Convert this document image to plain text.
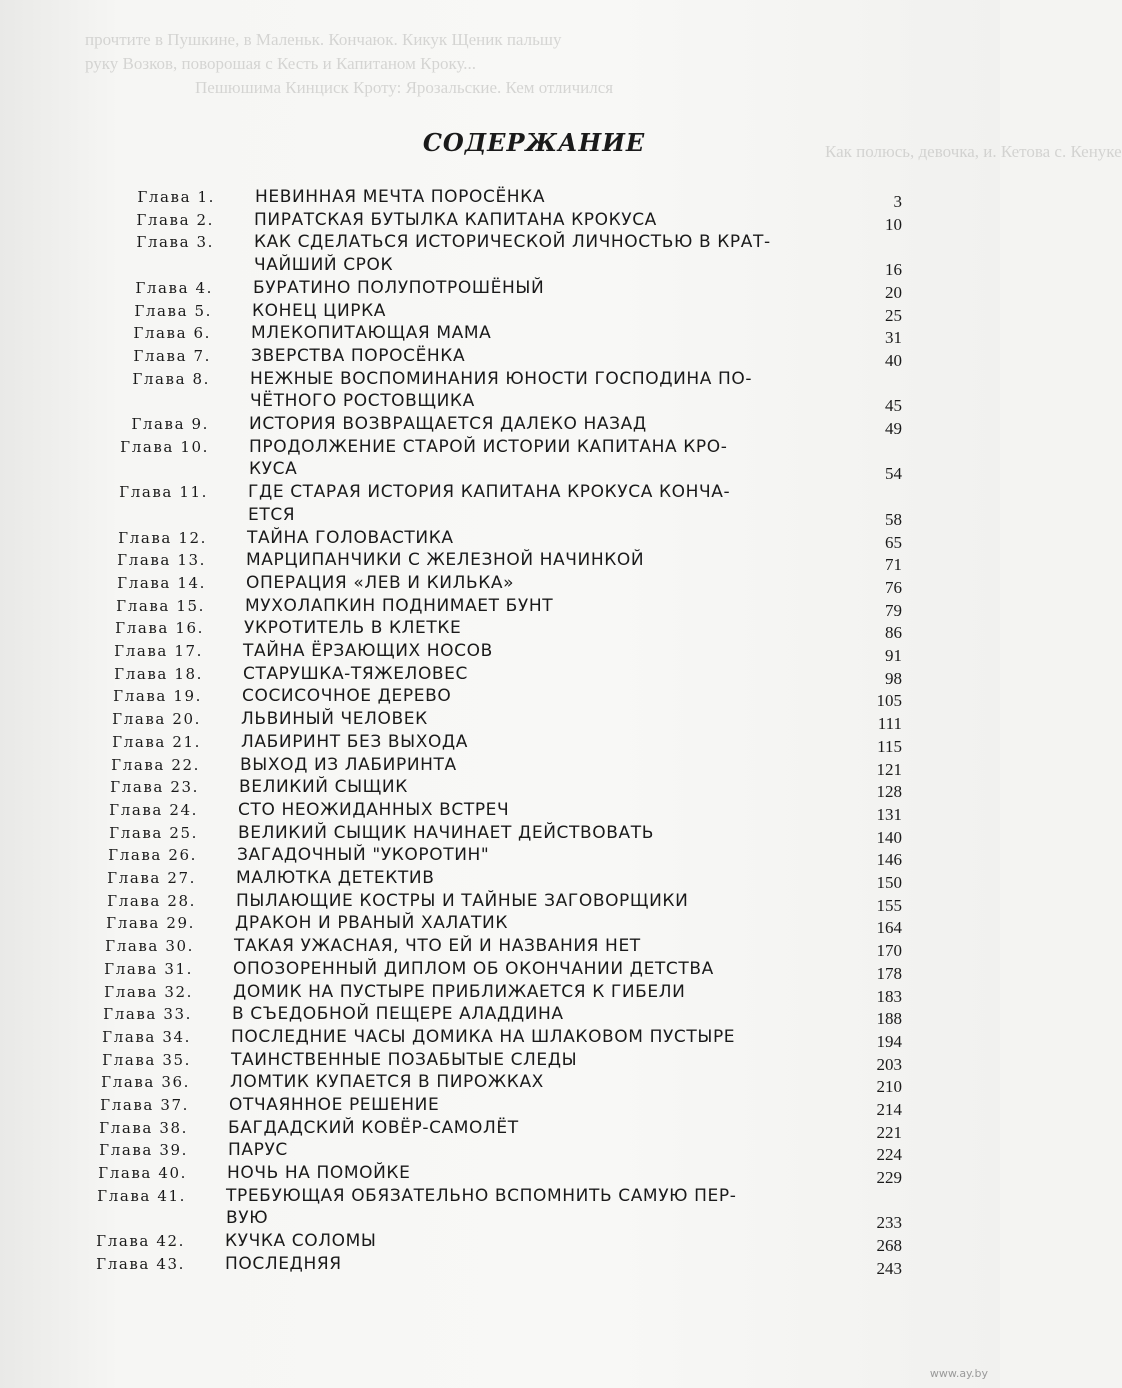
прочтите в Пушкине, в Маленьк. Кончаюк. Кикук Щеник пальшу
руку Возков, поворошая с Кесть и Капитаном Кроку...
Пешюшима Кинциск Кроту: Ярозальские. Кем отличился
Как полюсь, девочка, и. Кетова с. Кенуке
СОДЕРЖАНИЕ
Глава 1. НЕВИННАЯ МЕЧТА ПОРОСЁНКА	3
Глава 2. ПИРАТСКАЯ БУТЫЛКА КАПИТАНА КРОКУСА	10
Глава 3. КАК СДЕЛАТЬСЯ ИСТОРИЧЕСКОЙ ЛИЧНОСТЬЮ В КРАТ-
ЧАЙШИЙ СРОК	16
Глава 4. БУРАТИНО ПОЛУПОТРОШЁНЫЙ	20
Глава 5. КОНЕЦ ЦИРКА	25
Глава 6. МЛЕКОПИТАЮЩАЯ МАМА	31
Глава 7. ЗВЕРСТВА ПОРОСЁНКА	40
Глава 8. НЕЖНЫЕ ВОСПОМИНАНИЯ ЮНОСТИ ГОСПОДИНА ПО-
ЧЁТНОГО РОСТОВЩИКА	45
Глава 9. ИСТОРИЯ ВОЗВРАЩАЕТСЯ ДАЛЕКО НАЗАД	49
Глава 10. ПРОДОЛЖЕНИЕ СТАРОЙ ИСТОРИИ КАПИТАНА КРО-
КУСА	54
Глава 11. ГДЕ СТАРАЯ ИСТОРИЯ КАПИТАНА КРОКУСА КОНЧА-
ЕТСЯ	58
Глава 12. ТАЙНА ГОЛОВАСТИКА	65
Глава 13. МАРЦИПАНЧИКИ С ЖЕЛЕЗНОЙ НАЧИНКОЙ	71
Глава 14. ОПЕРАЦИЯ «ЛЕВ И КИЛЬКА»	76
Глава 15. МУХОЛАПКИН ПОДНИМАЕТ БУНТ	79
Глава 16. УКРОТИТЕЛЬ В КЛЕТКЕ	86
Глава 17. ТАЙНА ЁРЗАЮЩИХ НОСОВ	91
Глава 18. СТАРУШКА-ТЯЖЕЛОВЕС	98
Глава 19. СОСИСОЧНОЕ ДЕРЕВО	105
Глава 20. ЛЬВИНЫЙ ЧЕЛОВЕК	111
Глава 21. ЛАБИРИНТ БЕЗ ВЫХОДА	115
Глава 22. ВЫХОД ИЗ ЛАБИРИНТА	121
Глава 23. ВЕЛИКИЙ СЫЩИК	128
Глава 24. СТО НЕОЖИДАННЫХ ВСТРЕЧ	131
Глава 25. ВЕЛИКИЙ СЫЩИК НАЧИНАЕТ ДЕЙСТВОВАТЬ	140
Глава 26. ЗАГАДОЧНЫЙ "УКОРОТИН"	146
Глава 27. МАЛЮТКА ДЕТЕКТИВ	150
Глава 28. ПЫЛАЮЩИЕ КОСТРЫ И ТАЙНЫЕ ЗАГОВОРЩИКИ	155
Глава 29. ДРАКОН И РВАНЫЙ ХАЛАТИК	164
Глава 30. ТАКАЯ УЖАСНАЯ, ЧТО ЕЙ И НАЗВАНИЯ НЕТ	170
Глава 31. ОПОЗОРЕННЫЙ ДИПЛОМ ОБ ОКОНЧАНИИ ДЕТСТВА	178
Глава 32. ДОМИК НА ПУСТЫРЕ ПРИБЛИЖАЕТСЯ К ГИБЕЛИ	183
Глава 33. В СЪЕДОБНОЙ ПЕЩЕРЕ АЛАДДИНА	188
Глава 34. ПОСЛЕДНИЕ ЧАСЫ ДОМИКА НА ШЛАКОВОМ ПУСТЫРЕ	194
Глава 35. ТАИНСТВЕННЫЕ ПОЗАБЫТЫЕ СЛЕДЫ	203
Глава 36. ЛОМТИК КУПАЕТСЯ В ПИРОЖКАХ	210
Глава 37. ОТЧАЯННОЕ РЕШЕНИЕ	214
Глава 38. БАГДАДСКИЙ КОВЁР-САМОЛЁТ	221
Глава 39. ПАРУС	224
Глава 40. НОЧЬ НА ПОМОЙКЕ	229
Глава 41. ТРЕБУЮЩАЯ ОБЯЗАТЕЛЬНО ВСПОМНИТЬ САМУЮ ПЕР-
ВУЮ	233
Глава 42. КУЧКА СОЛОМЫ	268
Глава 43. ПОСЛЕДНЯЯ	243
www.ay.by
